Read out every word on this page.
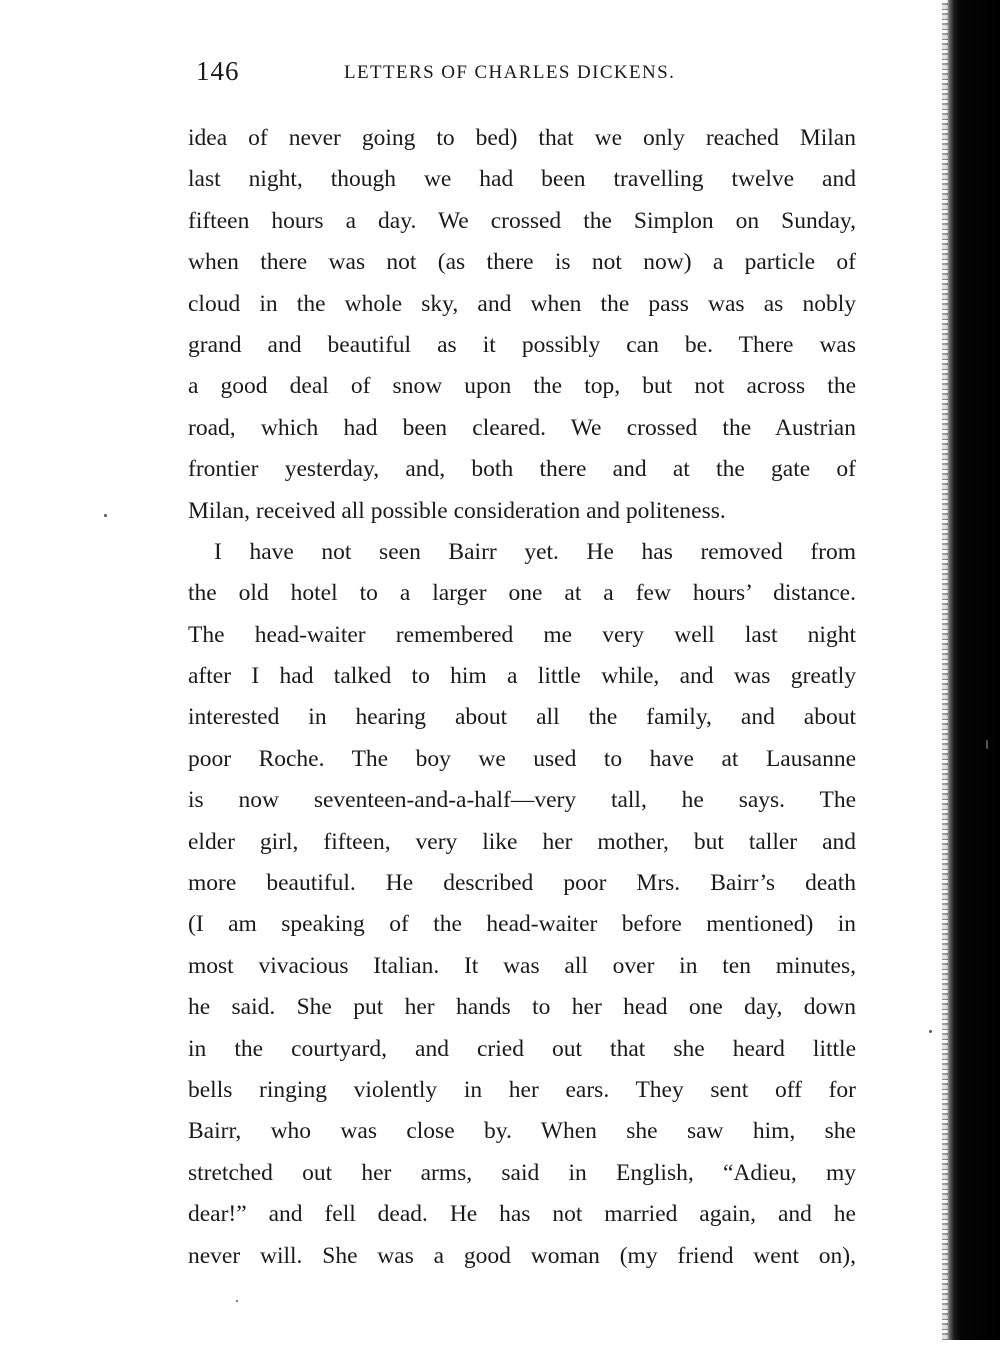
146	LETTERS OF CHARLES DICKENS.
idea of never going to bed) that we only reached Milan
last night, though we had been travelling twelve and
fifteen hours a day. We crossed the Simplon on Sunday,
when there was not (as there is not now) a particle of
cloud in the whole sky, and when the pass was as nobly
grand and beautiful as it possibly can be. There was
a good deal of snow upon the top, but not across the
road, which had been cleared. We crossed the Austrian
frontier yesterday, and, both there and at the gate of
Milan, received all possible consideration and politeness.
I have not seen Bairr yet. He has removed from
the old hotel to a larger one at a few hours’ distance.
The head-waiter remembered me very well last night
after I had talked to him a little while, and was greatly
interested in hearing about all the family, and about
poor Roche. The boy we used to have at Lausanne
is now seventeen-and-a-half—very tall, he says. The
elder girl, fifteen, very like her mother, but taller and
more beautiful. He described poor Mrs. Bairr’s death
(I am speaking of the head-waiter before mentioned) in
most vivacious Italian. It was all over in ten minutes,
he said. She put her hands to her head one day, down
in the courtyard, and cried out that she heard little
bells ringing violently in her ears. They sent off for
Bairr, who was close by. When she saw him, she
stretched out her arms, said in English, “Adieu, my
dear!” and fell dead. He has not married again, and he
never will. She was a good woman (my friend went on),
